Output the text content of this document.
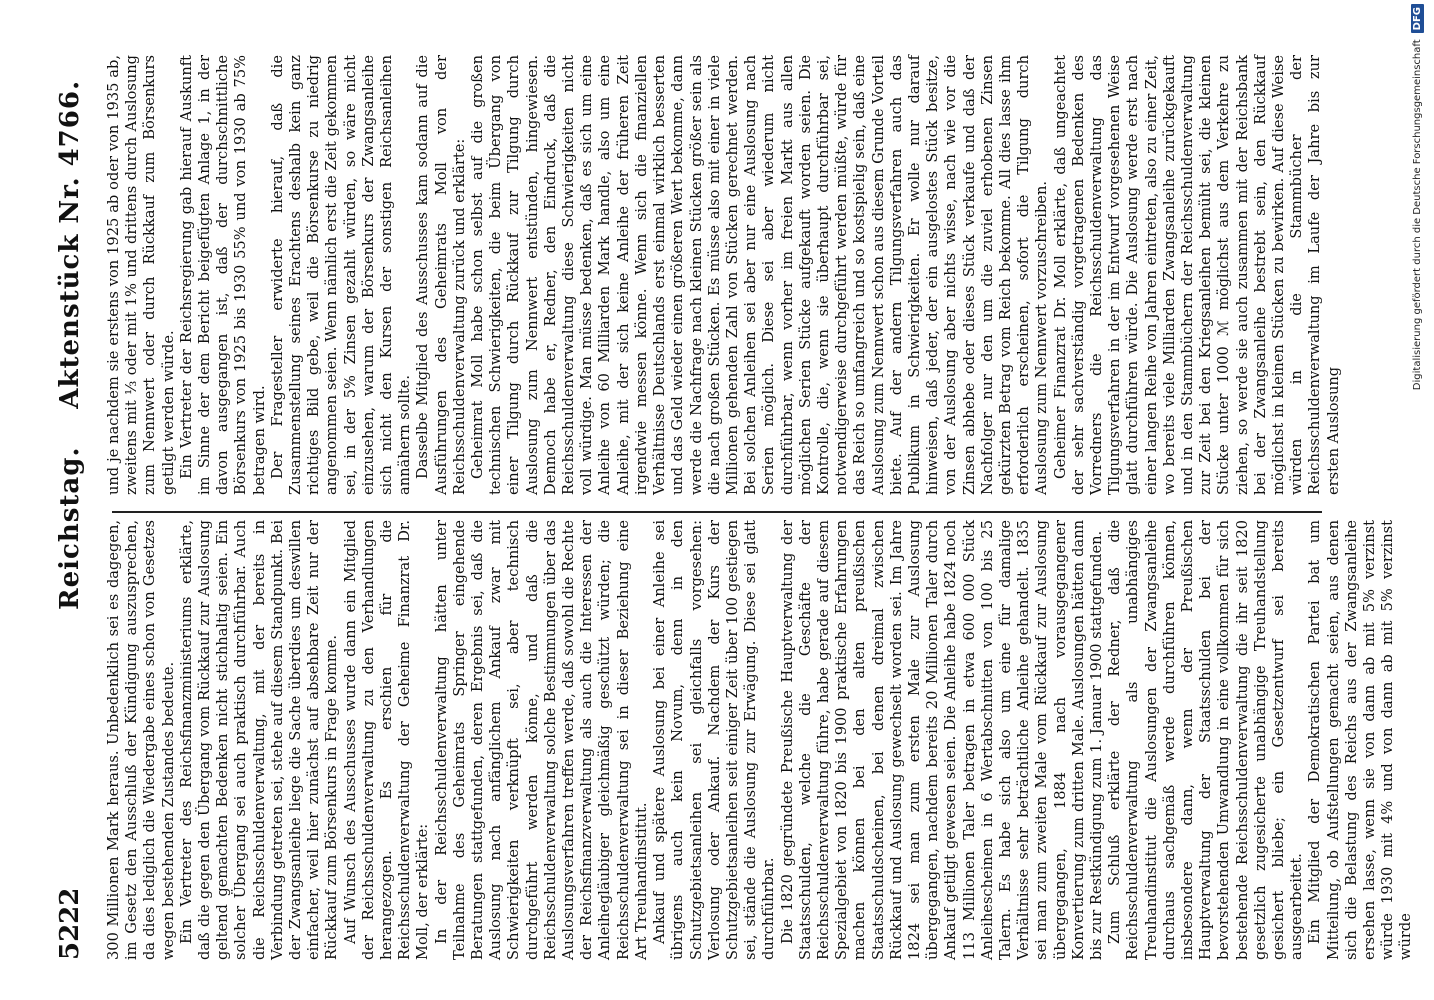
5222
Reichstag.
Aktenstück Nr. 4766.

300 Millionen Mark heraus. Unbedenklich sei es dagegen, im Gesetz den Ausschluß der Kündigung auszusprechen, da dies lediglich die Wiedergabe eines schon von Gesetzes wegen bestehenden Zustandes bedeute. Ein Vertreter des Reichsfinanzministeriums erklärte, daß die gegen den Übergang vom Rückkauf zur Auslosung geltend gemachten Bedenken nicht stichhaltig seien. Ein solcher Übergang sei auch praktisch durchführbar. Auch die Reichsschuldenverwaltung, mit der bereits in Verbindung getreten sei, stehe auf diesem Standpunkt. Bei der Zwangsanleihe liege die Sache überdies um deswillen einfacher, weil hier zunächst auf absehbare Zeit nur der Rückkauf zum Börsenkurs in Frage komme. Auf Wunsch des Ausschusses wurde dann ein Mitglied der Reichsschuldenverwaltung zu den Verhandlungen herangezogen. Es erschien für die Reichsschuldenverwaltung der Geheime Finanzrat Dr. Moll, der erklärte: In der Reichsschuldenverwaltung hätten unter Teilnahme des Geheimrats Springer eingehende Beratungen stattgefunden, deren Ergebnis sei, daß die Auslosung nach anfänglichem Ankauf zwar mit Schwierigkeiten verknüpft sei, aber technisch durchgeführt werden könne, und daß die Reichsschuldenverwaltung solche Bestimmungen über das Auslosungsverfahren treffen werde, daß sowohl die Rechte der Reichsfinanzverwaltung als auch die Interessen der Anleihegläubiger gleichmäßig geschützt würden; die Reichsschuldenverwaltung sei in dieser Beziehung eine Art Treuhandinstitut. Ankauf und spätere Auslosung bei einer Anleihe sei übrigens auch kein Novum, denn in den Schutzgebietsanleihen sei gleichfalls vorgesehen: Verlosung oder Ankauf. Nachdem der Kurs der Schutzgebietsanleihen seit einiger Zeit über 100 gestiegen sei, stände die Auslosung zur Erwägung. Diese sei glatt durchführbar. Die 1820 gegründete Preußische Hauptverwaltung der Staatsschulden, welche die Geschäfte der Reichsschuldenverwaltung führe, habe gerade auf diesem Spezialgebiet von 1820 bis 1900 praktische Erfahrungen machen können bei den alten preußischen Staatsschuldscheinen, bei denen dreimal zwischen Rückkauf und Auslosung gewechselt worden sei. Im Jahre 1824 sei man zum ersten Male zur Auslosung übergegangen, nachdem bereits 20 Millionen Taler durch Ankauf getilgt gewesen seien. Die Anleihe habe 1824 noch 113 Millionen Taler betragen in etwa 600 000 Stück Anleihescheinen in 6 Wertabschnitten von 100 bis 25 Talern. Es habe sich also um eine für damalige Verhältnisse sehr beträchtliche Anleihe gehandelt. 1835 sei man zum zweiten Male vom Rückkauf zur Auslosung übergegangen, 1884 nach vorausgegangener Konvertierung zum dritten Male. Auslosungen hätten dann bis zur Restkündigung zum 1. Januar 1900 stattgefunden. Zum Schluß erklärte der Redner, daß die Reichsschuldenverwaltung als unabhängiges Treuhandinstitut die Auslosungen der Zwangsanleihe durchaus sachgemäß werde durchführen können, insbesondere dann, wenn der Preußischen Hauptverwaltung der Staatsschulden bei der bevorstehenden Umwandlung in eine vollkommen für sich bestehende Reichsschuldenverwaltung die ihr seit 1820 gesetzlich zugesicherte unabhängige Treuhandstellung gesichert bliebe; ein Gesetzentwurf sei bereits ausgearbeitet. Ein Mitglied der Demokratischen Partei bat um Mitteilung, ob Aufstellungen gemacht seien, aus denen sich die Belastung des Reichs aus der Zwangsanleihe ersehen lasse, wenn sie von dann ab mit 5% verzinst würde 1930 mit 4% und von dann ab mit 5% verzinst würde

und je nachdem sie erstens von 1925 ab oder von 1935 ab, zweitens mit ⅓ oder mit 1% und drittens durch Auslosung zum Nennwert oder durch Rückkauf zum Börsenkurs getilgt werden würde. Ein Vertreter der Reichsregierung gab hierauf Auskunft im Sinne der dem Bericht beigefügten Anlage 1, in der davon ausgegangen ist, daß der durchschnittliche Börsenkurs von 1925 bis 1930 55% und von 1930 ab 75% betragen wird. Der Fragesteller erwiderte hierauf, daß die Zusammenstellung seines Erachtens deshalb kein ganz richtiges Bild gebe, weil die Börsenkurse zu niedrig angenommen seien. Wenn nämlich erst die Zeit gekommen sei, in der 5% Zinsen gezahlt würden, so wäre nicht einzusehen, warum der Börsenkurs der Zwangsanleihe sich nicht den Kursen der sonstigen Reichsanleihen annähern sollte. Dasselbe Mitglied des Ausschusses kam sodann auf die Ausführungen des Geheimrats Moll von der Reichsschuldenverwaltung zurück und erklärte: Geheimrat Moll habe schon selbst auf die großen technischen Schwierigkeiten, die beim Übergang von einer Tilgung durch Rückkauf zur Tilgung durch Auslosung zum Nennwert entstünden, hingewiesen. Dennoch habe er, Redner, den Eindruck, daß die Reichsschuldenverwaltung diese Schwierigkeiten nicht voll würdige. Man müsse bedenken, daß es sich um eine Anleihe von 60 Milliarden Mark handle, also um eine Anleihe, mit der sich keine Anleihe der früheren Zeit irgendwie messen könne. Wenn sich die finanziellen Verhältnisse Deutschlands erst einmal wirklich besserten und das Geld wieder einen größeren Wert bekomme, dann werde die Nachfrage nach kleinen Stücken größer sein als die nach großen Stücken. Es müsse also mit einer in viele Millionen gehenden Zahl von Stücken gerechnet werden. Bei solchen Anleihen sei aber nur eine Auslosung nach Serien möglich. Diese sei aber wiederum nicht durchführbar, wenn vorher im freien Markt aus allen möglichen Serien Stücke aufgekauft worden seien. Die Kontrolle, die, wenn sie überhaupt durchführbar sei, notwendigerweise durchgeführt werden müßte, würde für das Reich so umfangreich und so kostspielig sein, daß eine Auslosung zum Nennwert schon aus diesem Grunde Vorteil biete. Auf der andern Tilgungsverfahren auch das Publikum in Schwierigkeiten. Er wolle nur darauf hinweisen, daß jeder, der ein ausgelostes Stück besitze, von der Auslosung aber nichts wisse, nach wie vor die Zinsen abhebe oder dieses Stück verkaufe und daß der Nachfolger nur den um die zuviel erhobenen Zinsen gekürzten Betrag vom Reich bekomme. All dies lasse ihm erforderlich erscheinen, sofort die Tilgung durch Auslosung zum Nennwert vorzuschreiben. Geheimer Finanzrat Dr. Moll erklärte, daß ungeachtet der sehr sachverständig vorgetragenen Bedenken des Vorredners die Reichsschuldenverwaltung das Tilgungsverfahren in der im Entwurf vorgesehenen Weise glatt durchführen würde. Die Auslosung werde erst nach einer langen Reihe von Jahren eintreten, also zu einer Zeit, wo bereits viele Milliarden Zwangsanleihe zurückgekauft und in den Stammbüchern der Reichsschuldenverwaltung zur Zeit bei den Kriegsanleihen bemüht sei, die kleinen Stücke unter 1000 ℳ möglichst aus dem Verkehre zu ziehen, so werde sie auch zusammen mit der Reichsbank bei der Zwangsanleihe bestrebt sein, den Rückkauf möglichst in kleinen Stücken zu bewirken. Auf diese Weise würden in die Stammbücher der Reichsschuldenverwaltung im Laufe der Jahre bis zur ersten Auslosung

Digitalisierung gefördert durch die Deutsche Forschungsgemeinschaft
DFG
